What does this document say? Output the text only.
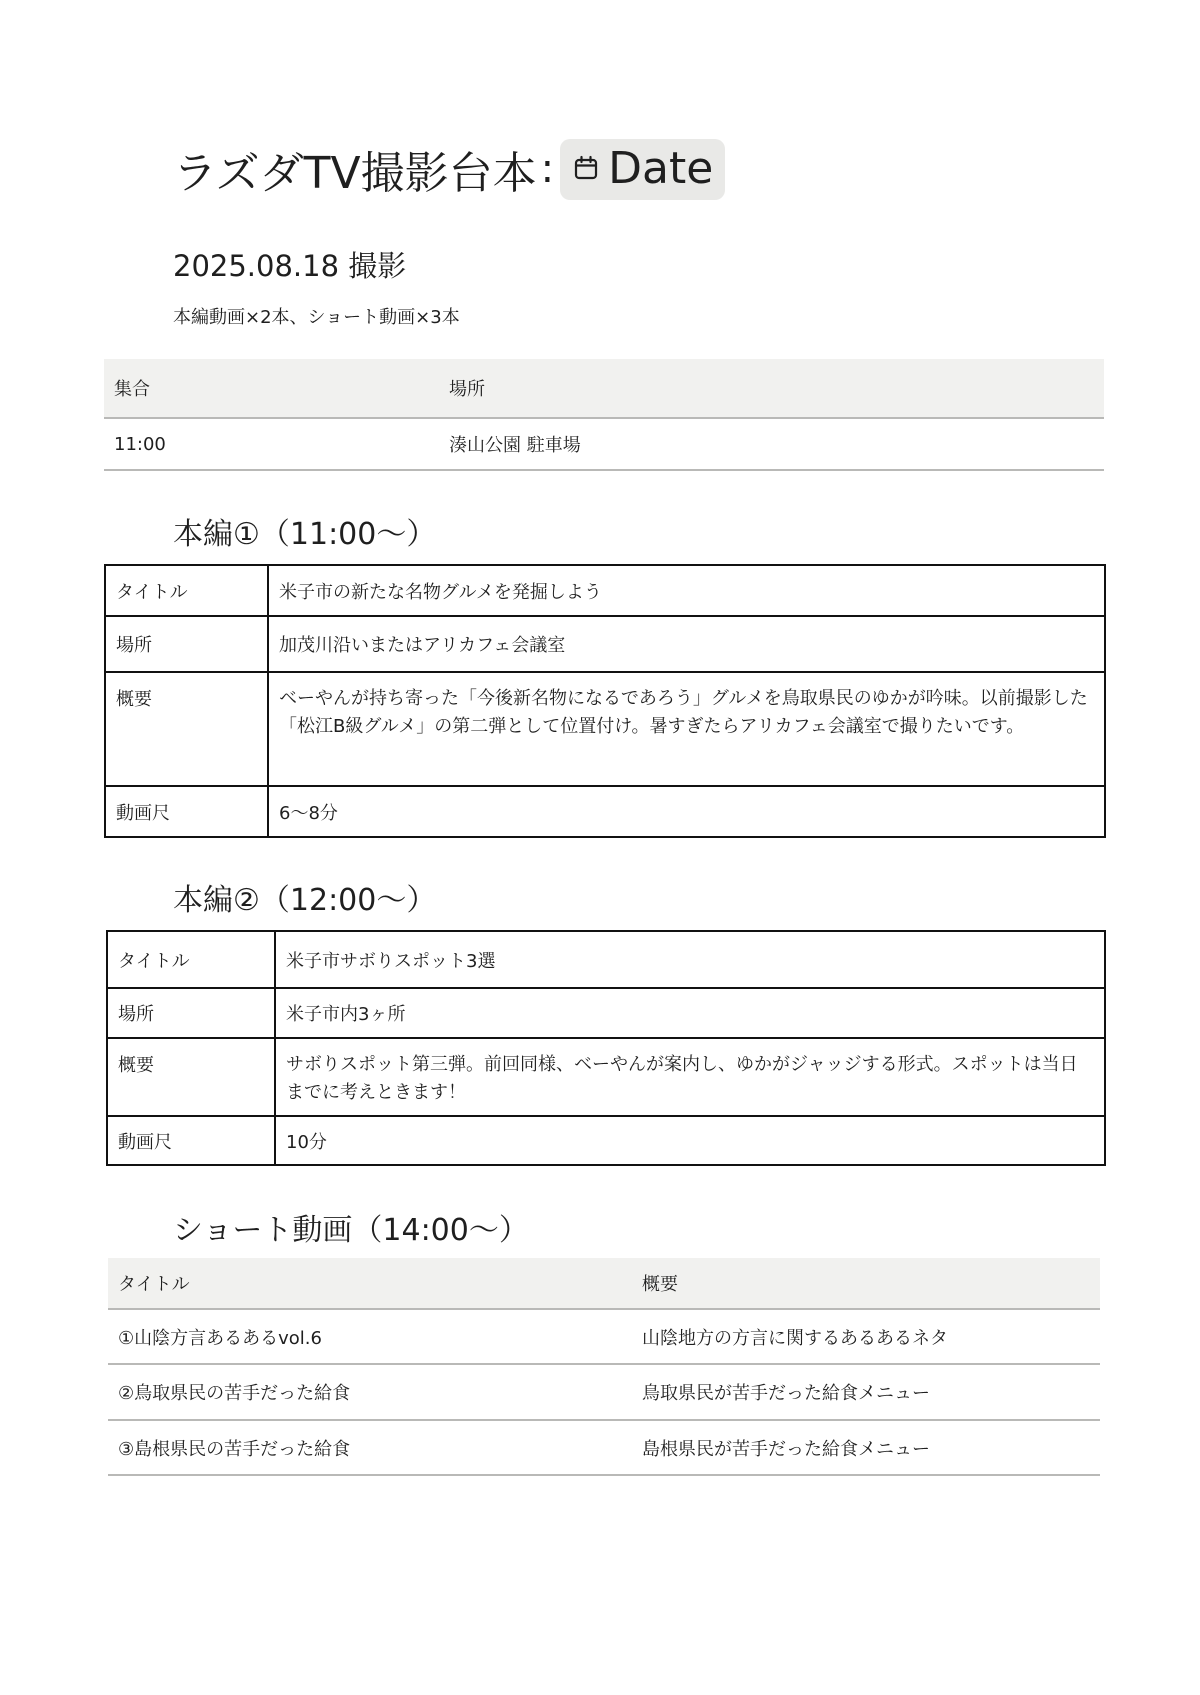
ラズダTV撮影台本 : Date
2025.08.18 撮影
本編動画×2本、ショート動画×3本
集合	場所
11:00	湊山公園 駐車場
本編①（11:00～）
タイトル	米子市の新たな名物グルメを発掘しよう
場所	加茂川沿いまたはアリカフェ会議室
概要	ベーやんが持ち寄った「今後新名物になるであろう」グルメを鳥取県民のゆかが吟味。以前撮影した「松江B級グルメ」の第二弾として位置付け。暑すぎたらアリカフェ会議室で撮りたいです。
動画尺	6～8分
本編②（12:00～）
タイトル	米子市サボりスポット3選
場所	米子市内3ヶ所
概要	サボりスポット第三弾。前回同様、ベーやんが案内し、ゆかがジャッジする形式。スポットは当日までに考えときます！
動画尺	10分
ショート動画（14:00～）
タイトル	概要
①山陰方言あるあるvol.6	山陰地方の方言に関するあるあるネタ
②鳥取県民の苦手だった給食	鳥取県民が苦手だった給食メニュー
③島根県民の苦手だった給食	島根県民が苦手だった給食メニュー
